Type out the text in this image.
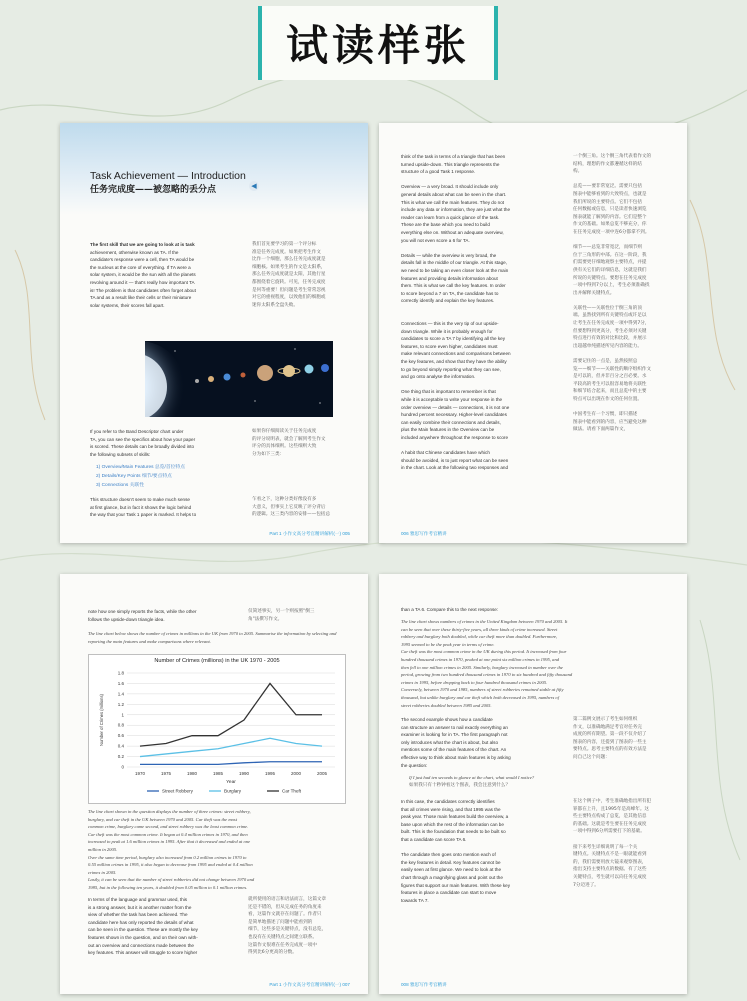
试读样张
Task Achievement — Introduction
任务完成度——被忽略的丢分点	◀
The first skill that we are going to look at is task
achievement, otherwise known as TA. If the
candidate's response were a cell, then TA would be
the nucleus at the core of everything. If TA were a
solar system, it would be the sun with all the planets
revolving around it — that's really how important TA
is! The problem is that candidates often forget about
TA and as a result like their cells or their miniature
solar systems, their scores fall apart.
我们首先要学习的第一个评分标
准是任务完成度。如果把考生作文
比作一个细胞，那么任务完成度就是
细胞核。如果考生的作文是太阳系，
那么任务完成度就是太阳，其他行星
都围绕着它旋转。可见，任务完成度
是何等重要！但问题是考生常常忽视
对它的重视程度，以致他们的细胞或
迷你太阳系全盘失败。
If you refer to the Band Descriptor chart under
TA, you can see the specifics about how your paper
is scored. These details can be broadly divided into
the following subsets of skills:
如果你仔细阅读关于任务完成度
的评分说明表，就会了解到考生作文
评分的具体细则。这些细则大致
分为如下三类：
1) Overview/Main Features 总览/首位特点
2) Details/Key Points 细节/要点特点
3) Connections 关联性
This structure doesn't seem to make much sense
at first glance, but in fact it shows the logic behind
the way that your Task 1 paper is marked. It helps to
乍看之下，这种分类好像没有多
大意义，但事实上它反映了评分背后
的逻辑。这三类内容的安排——包括总
Part 1 小作文高分考官精讲解析(一) 005
think of the task in terms of a triangle that has been
turned upside-down. This triangle represents the
structure of a good Task 1 response.

Overview — a very broad. It should include only
general details about what can be seen in the chart.
This is what we call the main features. They do not
include any data or information, they are just what the
reader can learn from a quick glance of the task.
These are the base which you need to build
everything else on. Without an adequate overview,
you will not even score a 6 for TA.

Details — while the overview is very broad, the
details fall in the middle of our triangle. At this stage,
we need to be taking an even closer look at the main
features and providing details information about
them. This is what we call the key features. In order
to score beyond a 7 on TA, the candidate has to
correctly identify and explain the key features.

Connections — this is the very tip of our upside-
down triangle. While it is probably enough for
candidates to score a TA 7 by identifying all the key
features, to score even higher, candidates must
make relevant connections and comparisons between
the key features, and show that they have the ability
to go beyond simply reporting what they can see,
and go onto analyse the information.

One thing that is important to remember is that
while it is acceptable to write your response in the
order overview — details — connections, it is not one
hundred percent necessary. Higher-level candidates
can easily combine their connections and details,
plus the Main features in the Overview can be
included anywhere throughout the response to score

A habit that Chinese candidates have which
should be avoided, is to just report what can be seen
in the chart. Look at the following two responses and
一个倒三角。这个倒三角代表着作文的
结构，理想的作文都遵循这样的结
构。

总览——要非常宽泛。需要只包括
图表中能够看到的大致特点，也就是
我们所说的主要特点。它们不包括
任何数据或信息，只是读者快速浏览
图表就能了解到的内容。它们是整个
作文的基础。如果总览不够充分，你
在任务完成度一项中连6分都拿不到。

细节——总览非常宽泛，而细节则
位于三角形的中部。在这一阶段，我
们需要更仔细地观察主要特点，并提
供有关它们的详细信息，这就是我们
所说的关键特点。要想在任务完成度
一项中得到7分以上，考生必须准确找
出并解释关键特点。

关联性——关联性位于倒三角的顶
端。虽然找到所有关键特点或许足以
让考生在任务完成度一项中得到7分，
但要想得到更高分，考生必须对关键
特点进行有效的对比和比较，并展示
出超越单纯描述所见内容的能力。

需要记住的一点是，虽然按照总
览——细节——关联性的顺序组织作文
是可以的，但并非百分之百必要。水
平较高的考生可以很容易地将关联性
和细节结合起来，而且总览中的主要
特点可以出现在作文的任何位置。

中国考生有一个习惯，即只描述
图表中能看到的内容，应当避免这种
做法。请看下面两篇作文，
006 雅思写作考官精讲
note how one simply reports the facts, while the other
follows the upside-down triangle idea.
仅简述事实，另一个则按照"倒三
角"法撰写作文。
The line chart below shows the number of crimes in millions in the UK from 1970 to 2005. Summarise the information by selecting and reporting the main features and make comparisons where relevant.
Number of Crimes (millions) in the UK 1970 - 2005
0
0.2
0.4
0.6
0.8
1
1.2
1.4
1.6
1.8
1970	1975	1980	1985	1990	1995	2000	2005
Year
Number of Crimes (millions)
Street Robbery	Burglary	Car Theft
The line chart shown in the question displays the number of three crimes: street robbery,
burglary, and car theft in the UK between 1970 and 2005. Car theft was the most
common crime, burglary came second, and street robbery was the least common crime.
Car theft was the most common crime. It began at 0.4 million crimes in 1970, and then
increased to peak at 1.6 million crimes in 1995. After that it decreased and ended at one
million in 2005.
Over the same time period, burglary also increased from 0.2 million crimes in 1970 to
0.55 million crimes in 1995, it also began to decrease from 1995 and ended at 0.4 million
crimes in 2005.
Lastly, it can be seen that the number of street robberies did not change between 1970 and
1985, but in the following ten years, it doubled from 0.05 million to 0.1 million crimes.
In terms of the language and grammar used, this
is a strong answer, but it is another matter from the
view of whether the task has been achieved. The
candidate here has only reported the details of what
can be seen in the question. These are mostly the key
features shown in the question, and on their own with-
out an overview and connections made between the
key features. This answer will struggle to score higher
就所使用的语言和语法而言，这篇文章
还是不错的，但从完成任务的角度来
看，这篇作文就存在问题了。作者只
是简单地描述了问题中能看到的
细节，这些多是关键特点，没有总览，
也没有在关键特点之间建立联系。
这篇作文很难在任务完成度一项中
得到比6分更高的分数。
Part 1 小作文高分考官精讲解析(一) 007
than a TA 6. Compare this to the next response:
The line chart shows numbers of crimes in the United Kingdom between 1970 and 2005. It
can be seen that over these thirty-five years, all three kinds of crime increased. Street
robbery and burglary both doubled, while car theft more than doubled. Furthermore,
1995 seemed to be the peak year in terms of crime.
Car theft was the most common crime in the UK during this period. It increased from four
hundred thousand crimes in 1970, peaked at one point six million crimes in 1995, and
then fell to one million crimes in 2005. Similarly, burglary increased in number over the
period, growing from two hundred thousand crimes in 1970 to six hundred and fifty thousand
crimes in 1995, before dropping back to four hundred thousand crimes in 2005.
Conversely, between 1970 and 1985, numbers of street robberies remained stable at fifty
thousand, but unlike burglary and car theft which both decreased in 1995, numbers of
street robberies doubled between 1985 and 2005.
The second example shows how a candidate
can structure an answer to nail exactly everything an
examiner is looking for in TA. The first paragraph not
only introduces what the chart is about, but also
mentions some of the main features of the chart. An
effective way to think about main features is by asking
the question:
第二篇例文展示了考生如何组织
作文，以准确地满足考官对任务完
成度的所有期望。第一段不仅介绍了
图表的内容，还提到了图表的一些主
要特点。思考主要特点的有效方法是
问自己这个问题：
If I just had ten seconds to glance at the chart, what would I notice?
如果我只有十秒钟看这个图表，我会注意到什么？
In this case, the candidates correctly identifies
that all crimes were rising, and that 1995 was the
peak year. Those main features build the overview, a
base upon which the rest of the information can be
built. This is the foundation that needs to be built so
that a candidate can score TA 6.

The candidate then goes onto mention each of
the key features in detail. Key features cannot be
easily seen at first glance. We need to look at the
chart through a magnifying glass and point out the
figures that support our main features. With these key
features in place a candidate can start to move
towards TA 7.
在这个例子中，考生准确地指出所有犯
罪都在上升，且1995年是高峰年。这
些主要特点构成了总览，是其他信息
的基础。这就是考生要在任务完成度
一项中得到6分所需要打下的基础。

接下来考生详细说明了每一个关
键特点。关键特点不是一眼就能看到
的，我们需要用放大镜来观察图表，
指出支持主要特点的数据。有了这些
关键特点，考生就可以向任务完成度
7分迈进了。
008 雅思写作考官精讲
